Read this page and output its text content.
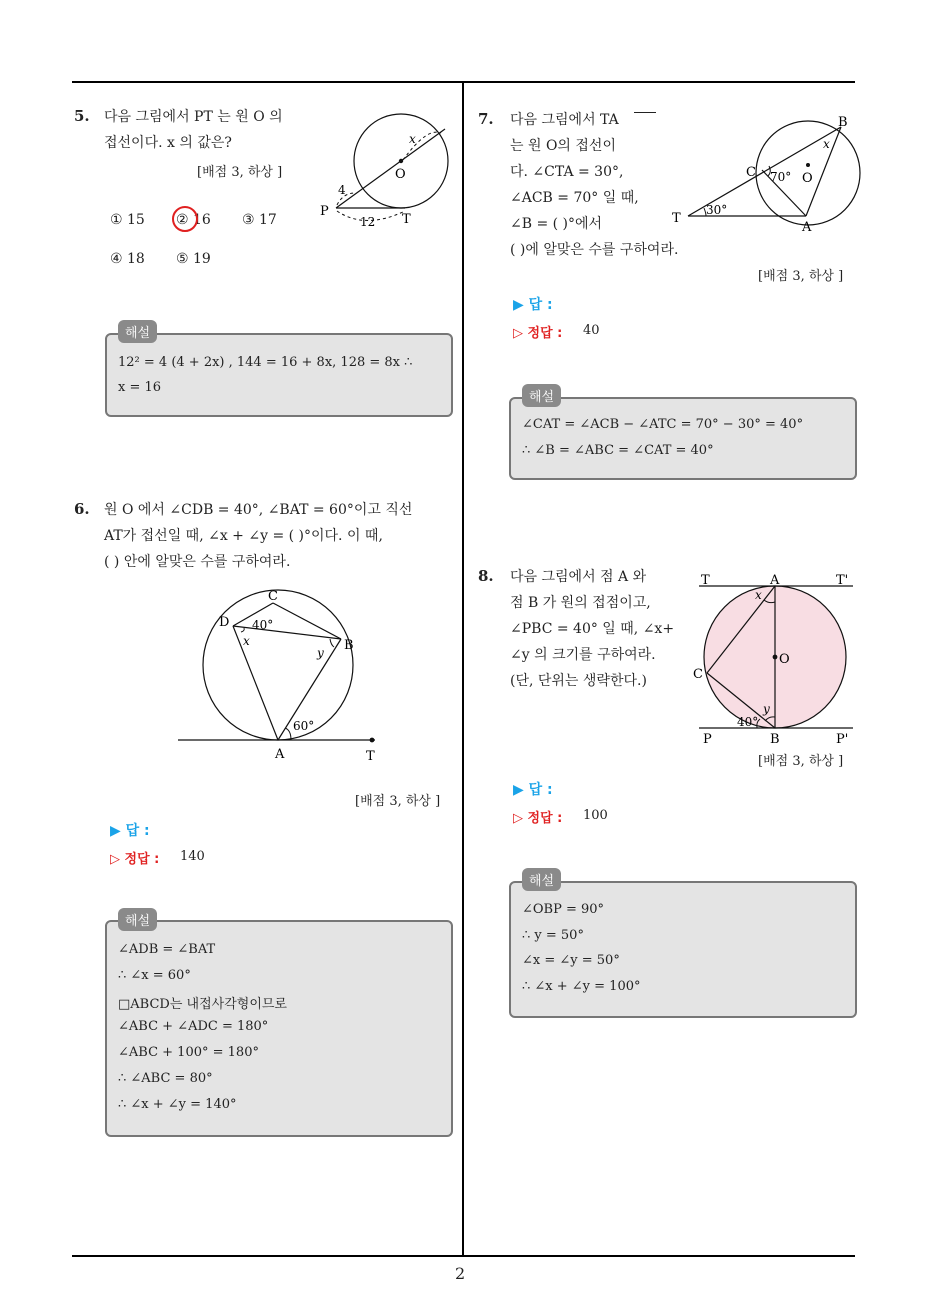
2
5. 다음 그림에서 PT 는 원 O 의
접선이다. x 의 값은?
[배점 3, 하상 ]
① 15 ② 16 ③ 17
④ 18 ⑤ 19
O
P
T
4
12
x
해설
12² = 4 (4 + 2x) , 144 = 16 + 8x, 128 = 8x ∴
x = 16
6. 원 O 에서 ∠CDB = 40°, ∠BAT = 60°이고 직선
AT가 접선일 때, ∠x + ∠y = ( )°이다. 이 때,
( ) 안에 알맞은 수를 구하여라.
C
D
B
A	T
40°
60°
x
y
[배점 3, 하상 ]
▶ 답 :
▷ 정답 : 140
해설
∠ADB = ∠BAT
∴ ∠x = 60°
□ABCD는 내접사각형이므로
∠ABC + ∠ADC = 180°
∠ABC + 100° = 180°
∴ ∠ABC = 80°
∴ ∠x + ∠y = 140°
7. 다음 그림에서 TA
는 원 O의 접선이
다. ∠CTA = 30°,
∠ACB = 70° 일 때,
∠B = ( )°에서
( )에 알맞은 수를 구하여라.
B
C	O
T
A
70°
30°
x
[배점 3, 하상 ]
▶ 답 :
▷ 정답 : 40
해설
∠CAT = ∠ACB − ∠ATC = 70° − 30° = 40°
∴ ∠B = ∠ABC = ∠CAT = 40°
8. 다음 그림에서 점 A 와
점 B 가 원의 접점이고,
∠PBC = 40° 일 때, ∠x+
∠y 의 크기를 구하여라.
(단, 단위는 생략한다.)
T	A	T'
C
O
P	B	P'
40°
x
y
[배점 3, 하상 ]
▶ 답 :
▷ 정답 : 100
해설
∠OBP = 90°
∴ y = 50°
∠x = ∠y = 50°
∴ ∠x + ∠y = 100°
